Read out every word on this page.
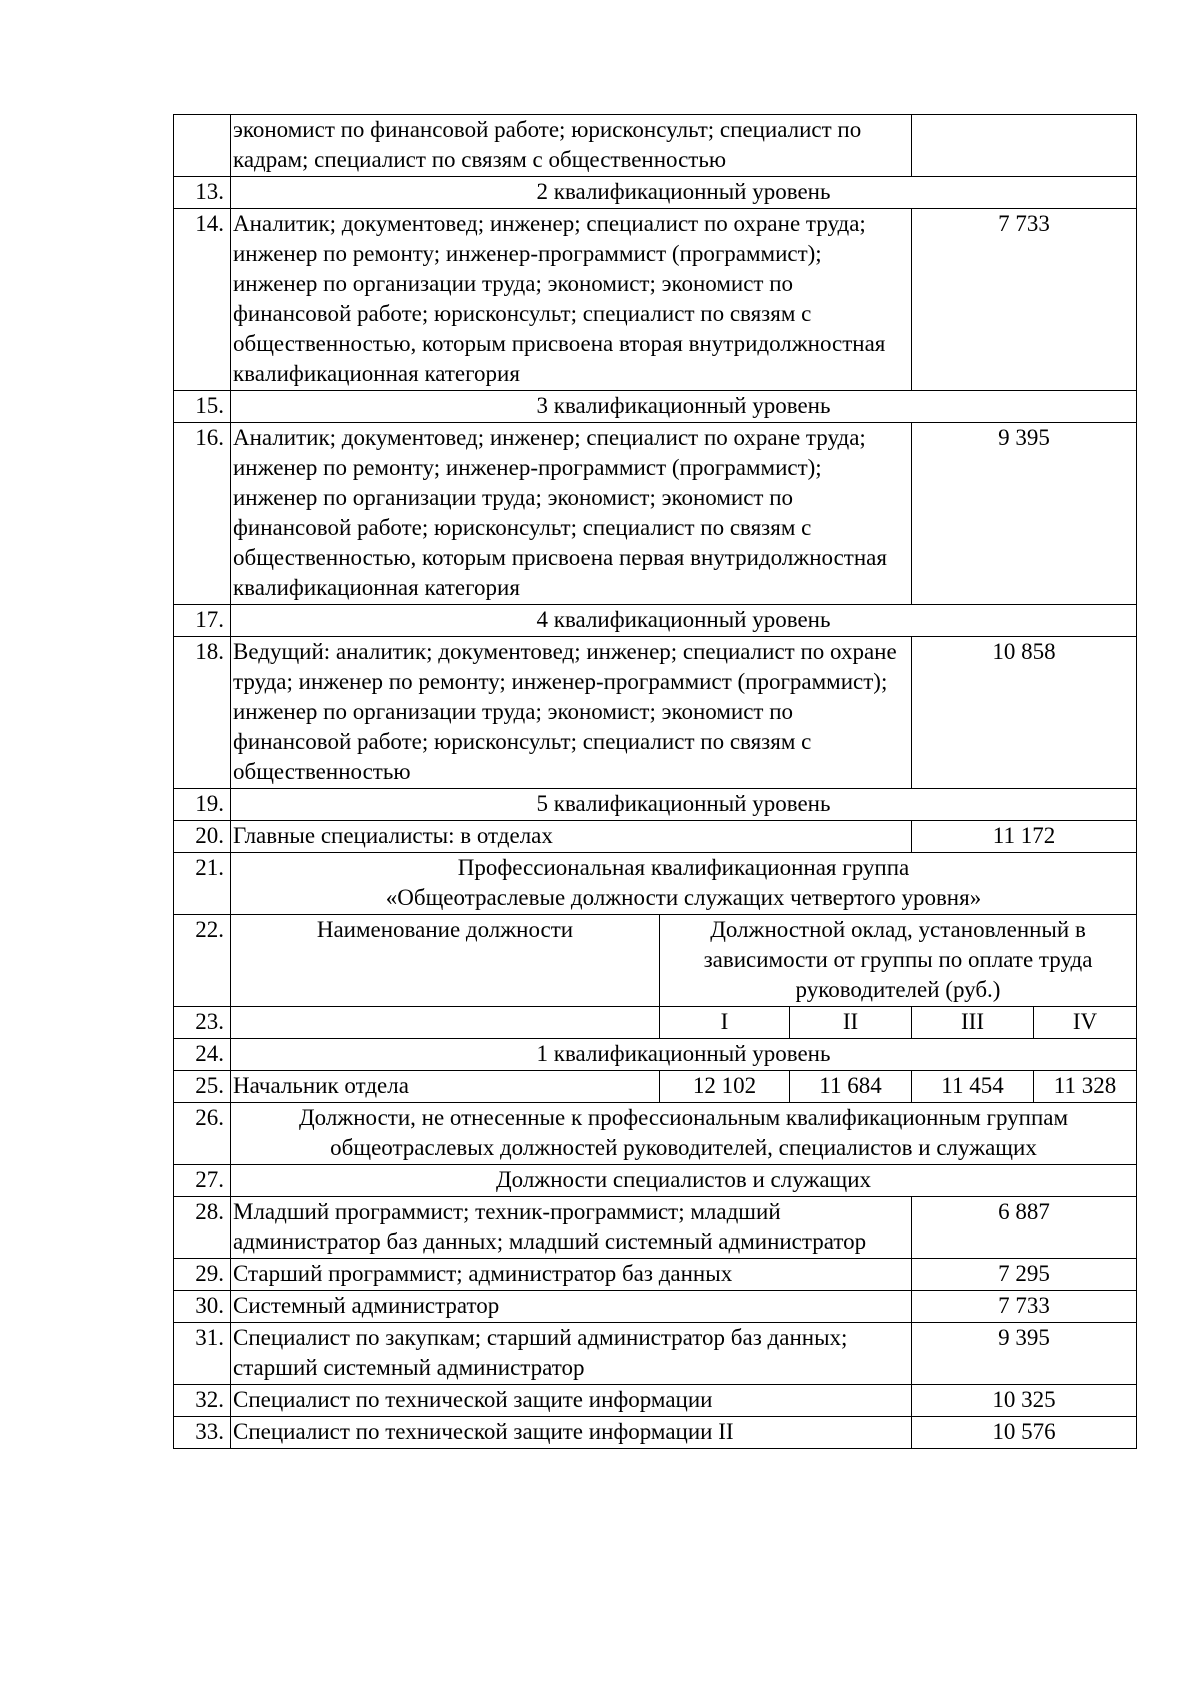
	экономист по финансовой работе; юрисконсульт; специалист по кадрам; специалист по связям с общественностью				
13.	2 квалификационный уровень				
14.	Аналитик; документовед; инженер; специалист по охране труда; инженер по ремонту; инженер-программист (программист); инженер по организации труда; экономист; экономист по финансовой работе; юрисконсульт; специалист по связям с общественностью, которым присвоена вторая внутридолжностная квалификационная категория			7 733	
15.	3 квалификационный уровень				
16.	Аналитик; документовед; инженер; специалист по охране труда; инженер по ремонту; инженер-программист (программист); инженер по организации труда; экономист; экономист по финансовой работе; юрисконсульт; специалист по связям с общественностью, которым присвоена первая внутридолжностная квалификационная категория			9 395	
17.	4 квалификационный уровень				
18.	Ведущий: аналитик; документовед; инженер; специалист по охране труда; инженер по ремонту; инженер-программист (программист); инженер по организации труда; экономист; экономист по финансовой работе; юрисконсульт; специалист по связям с общественностью			10 858	
19.	5 квалификационный уровень				
20.	Главные специалисты: в отделах			11 172	
21.	Профессиональная квалификационная группа
«Общеотраслевые должности служащих четвертого уровня»				

22.	Наименование должности	Должностной оклад, установленный в зависимости от группы по оплате труда руководителей (руб.)			
23.		I	II	III	IV
24.	1 квалификационный уровень				
25.	Начальник отдела	12 102	11 684	11 454	11 328
26.	Должности, не отнесенные к профессиональным квалификационным группам общеотраслевых должностей руководителей, специалистов и служащих				
27.	Должности специалистов и служащих				
28.	Младший программист; техник-программист; младший администратор баз данных; младший системный администратор			6 887	
29.	Старший программист; администратор баз данных			7 295	
30.	Системный администратор			7 733	
31.	Специалист по закупкам; старший администратор баз данных; старший системный администратор			9 395	
32.	Специалист по технической защите информации			10 325	
33.	Специалист по технической защите информации II			10 576	
